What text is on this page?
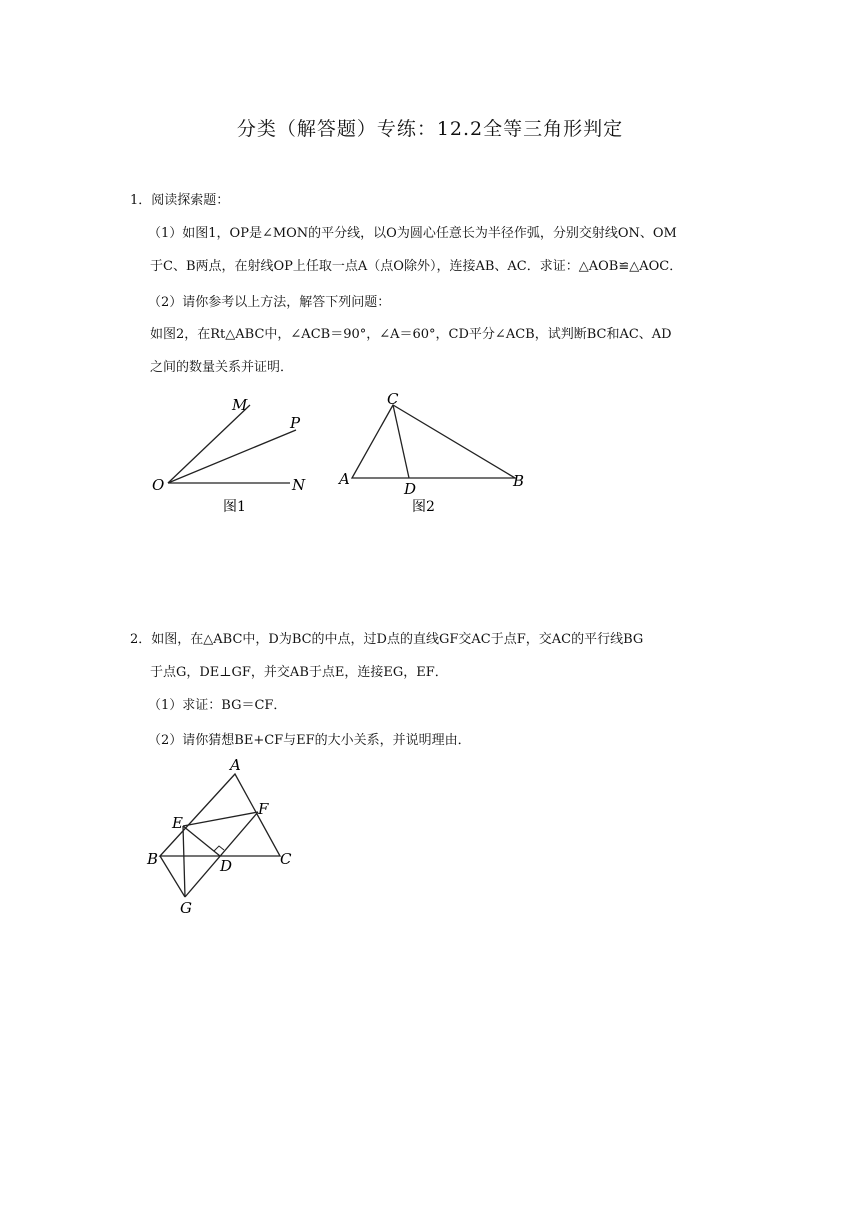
分类（解答题）专练：12.2全等三角形判定
1．阅读探索题：
（1）如图1，OP是∠MON的平分线，以O为圆心任意长为半径作弧，分别交射线ON、OM
于C、B两点，在射线OP上任取一点A（点O除外），连接AB、AC．求证：△AOB≌△AOC．
（2）请你参考以上方法，解答下列问题：
如图2，在Rt△ABC中，∠ACB＝90°，∠A＝60°，CD平分∠ACB，试判断BC和AC、AD
之间的数量关系并证明．
M
P
O	N
图1
C
A
D	B
图2
2．如图，在△ABC中，D为BC的中点，过D点的直线GF交AC于点F，交AC的平行线BG
于点G，DE⊥GF，并交AB于点E，连接EG，EF．
（1）求证：BG＝CF．
（2）请你猜想BE+CF与EF的大小关系，并说明理由．
A
E
F
B	D	C
G
